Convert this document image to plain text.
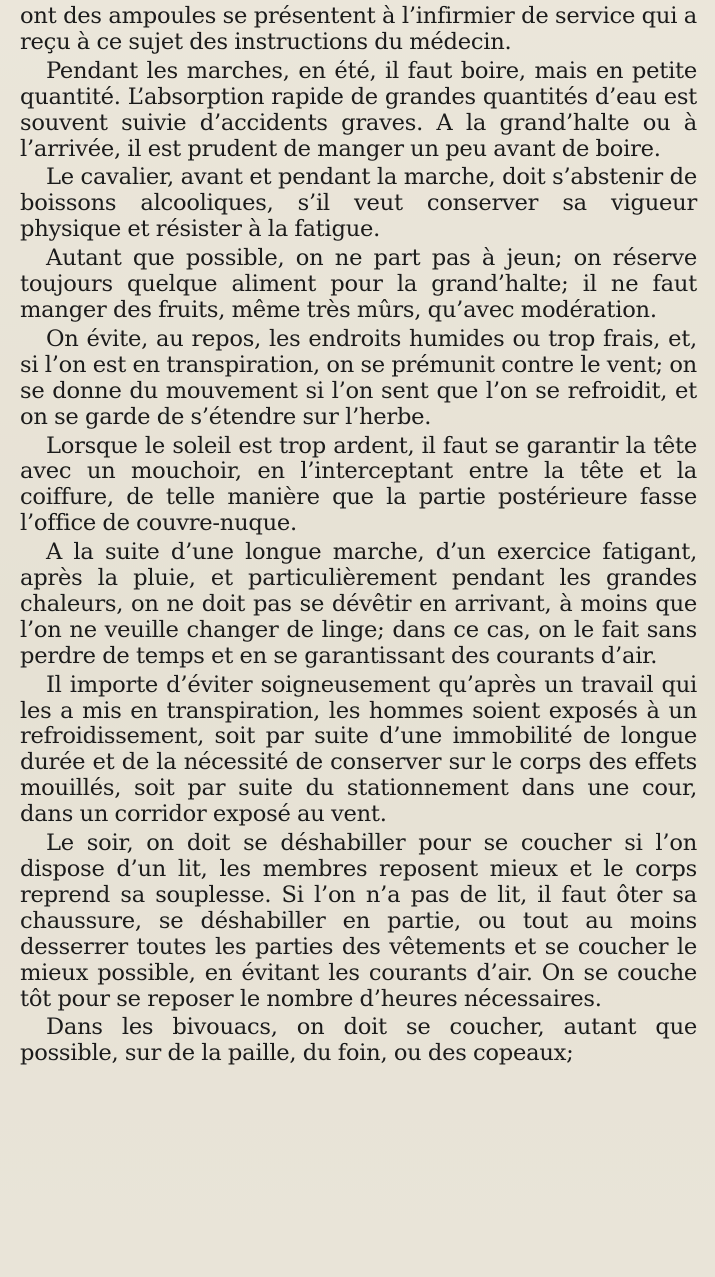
ont des ampoules se présentent à l’infirmier de service qui a reçu à ce sujet des instructions du médecin.

Pendant les marches, en été, il faut boire, mais en petite quantité. L’absorption rapide de grandes quantités d’eau est souvent suivie d’accidents graves. A la grand’halte ou à l’arrivée, il est prudent de manger un peu avant de boire.

Le cavalier, avant et pendant la marche, doit s’abstenir de boissons alcooliques, s’il veut conserver sa vigueur physique et résister à la fatigue.

Autant que possible, on ne part pas à jeun; on réserve toujours quelque aliment pour la grand’halte; il ne faut manger des fruits, même très mûrs, qu’avec modération.

On évite, au repos, les endroits humides ou trop frais, et, si l’on est en transpiration, on se prémunit contre le vent; on se donne du mouvement si l’on sent que l’on se refroidit, et on se garde de s’étendre sur l’herbe.

Lorsque le soleil est trop ardent, il faut se garantir la tête avec un mouchoir, en l’interceptant entre la tête et la coiffure, de telle manière que la partie postérieure fasse l’office de couvre-nuque.

A la suite d’une longue marche, d’un exercice fatigant, après la pluie, et particulièrement pendant les grandes chaleurs, on ne doit pas se dévêtir en arrivant, à moins que l’on ne veuille changer de linge; dans ce cas, on le fait sans perdre de temps et en se garantissant des courants d’air.

Il importe d’éviter soigneusement qu’après un travail qui les a mis en transpiration, les hommes soient exposés à un refroidissement, soit par suite d’une immobilité de longue durée et de la nécessité de conserver sur le corps des effets mouillés, soit par suite du stationnement dans une cour, dans un corridor exposé au vent.

Le soir, on doit se déshabiller pour se coucher si l’on dispose d’un lit, les membres reposent mieux et le corps reprend sa souplesse. Si l’on n’a pas de lit, il faut ôter sa chaussure, se déshabiller en partie, ou tout au moins desserrer toutes les parties des vêtements et se coucher le mieux possible, en évitant les courants d’air. On se couche tôt pour se reposer le nombre d’heures nécessaires.

Dans les bivouacs, on doit se coucher, autant que possible, sur de la paille, du foin, ou des copeaux;
